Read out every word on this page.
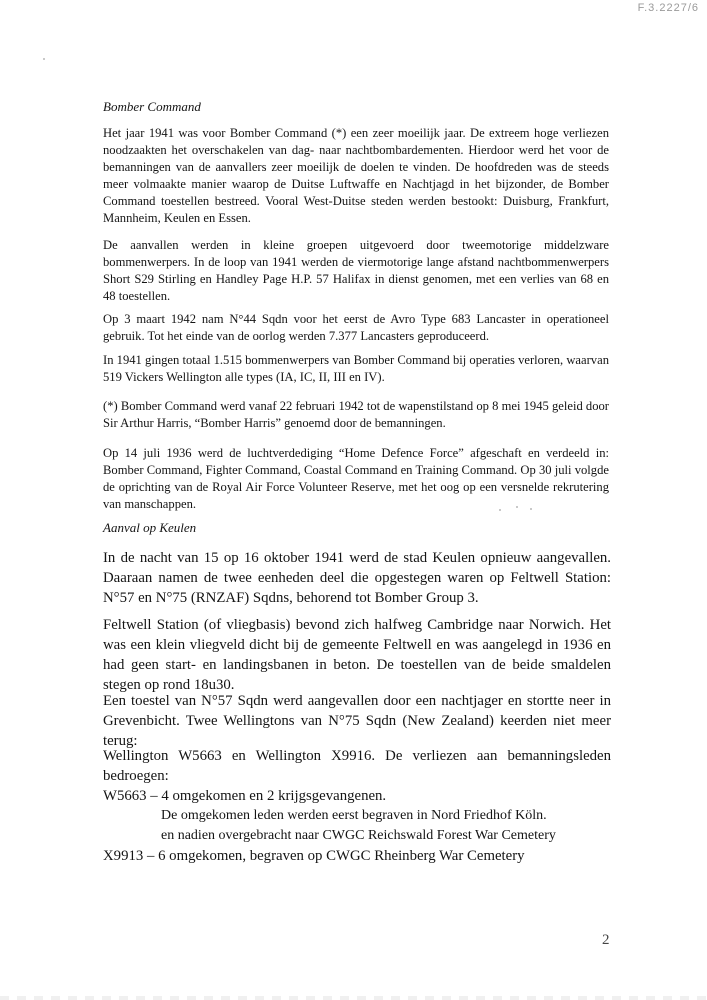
F.3.2227/6
Bomber Command
Het jaar 1941 was voor Bomber Command (*) een zeer moeilijk jaar. De extreem hoge verliezen noodzaakten het overschakelen van dag- naar nachtbombardementen. Hierdoor werd het voor de bemanningen van de aanvallers zeer moeilijk de doelen te vinden. De hoofdreden was de steeds meer volmaakte manier waarop de Duitse Luftwaffe en Nachtjagd in het bijzonder, de Bomber Command toestellen bestreed. Vooral West-Duitse steden werden bestookt: Duisburg, Frankfurt, Mannheim, Keulen en Essen.
De aanvallen werden in kleine groepen uitgevoerd door tweemotorige middelzware bommenwerpers. In de loop van 1941 werden de viermotorige lange afstand nachtbommenwerpers Short S29 Stirling en Handley Page H.P. 57 Halifax in dienst genomen, met een verlies van 68 en 48 toestellen.
Op 3 maart 1942 nam N°44 Sqdn voor het eerst de Avro Type 683 Lancaster in operationeel gebruik. Tot het einde van de oorlog werden 7.377 Lancasters geproduceerd.
In 1941 gingen totaal 1.515 bommenwerpers van Bomber Command bij operaties verloren, waarvan 519 Vickers Wellington alle types (IA, IC, II, III en IV).
(*) Bomber Command werd vanaf 22 februari 1942 tot de wapenstilstand op 8 mei 1945 geleid door Sir Arthur Harris, “Bomber Harris” genoemd door de bemanningen.
Op 14 juli 1936 werd de luchtverdediging “Home Defence Force” afgeschaft en verdeeld in: Bomber Command, Fighter Command, Coastal Command en Training Command. Op 30 juli volgde de oprichting van de Royal Air Force Volunteer Reserve, met het oog op een versnelde rekrutering van manschappen.
Aanval op Keulen
In de nacht van 15 op 16 oktober 1941 werd de stad Keulen opnieuw aangevallen. Daaraan namen de twee eenheden deel die opgestegen waren op Feltwell Station: N°57 en N°75 (RNZAF) Sqdns, behorend tot Bomber Group 3.
Feltwell Station (of vliegbasis) bevond zich halfweg Cambridge naar Norwich. Het was een klein vliegveld dicht bij de gemeente Feltwell en was aangelegd in 1936 en had geen start- en landingsbanen in beton. De toestellen van de beide smaldelen stegen op rond 18u30.
Een toestel van N°57 Sqdn werd aangevallen door een nachtjager en stortte neer in Grevenbicht. Twee Wellingtons van N°75 Sqdn (New Zealand) keerden niet meer terug:
Wellington W5663 en Wellington X9916. De verliezen aan bemanningsleden bedroegen:
W5663 – 4 omgekomen en 2 krijgsgevangenen.
De omgekomen leden werden eerst begraven in Nord Friedhof Köln.
en nadien overgebracht naar CWGC Reichswald Forest War Cemetery
X9913 – 6 omgekomen, begraven op CWGC Rheinberg War Cemetery
2
